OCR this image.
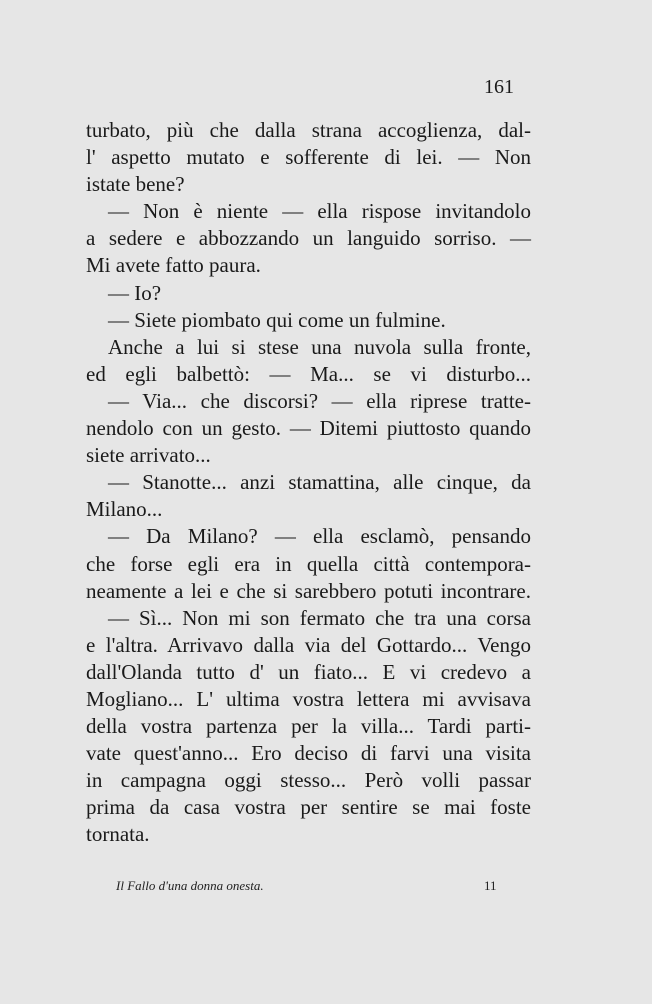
161
turbato, più che dalla strana accoglienza, dal-
l' aspetto mutato e sofferente di lei. — Non
istate bene?
— Non è niente — ella rispose invitandolo
a sedere e abbozzando un languido sorriso. —
Mi avete fatto paura.
— Io?
— Siete piombato qui come un fulmine.
Anche a lui si stese una nuvola sulla fronte,
ed egli balbettò: — Ma... se vi disturbo...
— Via... che discorsi? — ella riprese tratte-
nendolo con un gesto. — Ditemi piuttosto quando
siete arrivato...
— Stanotte... anzi stamattina, alle cinque, da
Milano...
— Da Milano? — ella esclamò, pensando
che forse egli era in quella città contempora-
neamente a lei e che si sarebbero potuti incontrare.
— Sì... Non mi son fermato che tra una corsa
e l'altra. Arrivavo dalla via del Gottardo... Vengo
dall'Olanda tutto d' un fiato... E vi credevo a
Mogliano... L' ultima vostra lettera mi avvisava
della vostra partenza per la villa... Tardi parti-
vate quest'anno... Ero deciso di farvi una visita
in campagna oggi stesso... Però volli passar
prima da casa vostra per sentire se mai foste
tornata.
Il Fallo d'una donna onesta.	11
